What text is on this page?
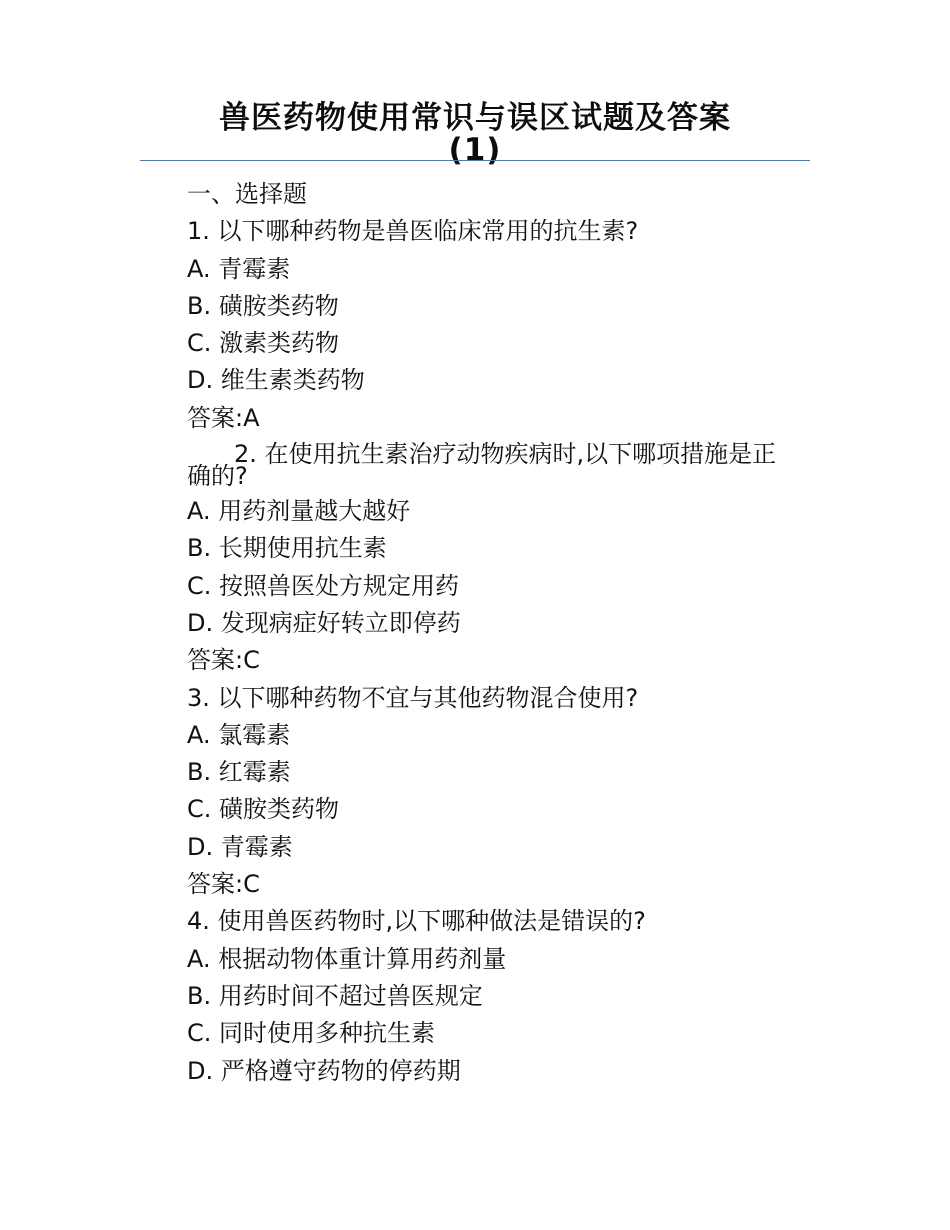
兽医药物使用常识与误区试题及答案
(1)
一、选择题
1. 以下哪种药物是兽医临床常用的抗生素?
A. 青霉素
B. 磺胺类药物
C. 激素类药物
D. 维生素类药物
答案:A
2. 在使用抗生素治疗动物疾病时,以下哪项措施是正确的?
A. 用药剂量越大越好
B. 长期使用抗生素
C. 按照兽医处方规定用药
D. 发现病症好转立即停药
答案:C
3. 以下哪种药物不宜与其他药物混合使用?
A. 氯霉素
B. 红霉素
C. 磺胺类药物
D. 青霉素
答案:C
4. 使用兽医药物时,以下哪种做法是错误的?
A. 根据动物体重计算用药剂量
B. 用药时间不超过兽医规定
C. 同时使用多种抗生素
D. 严格遵守药物的停药期
